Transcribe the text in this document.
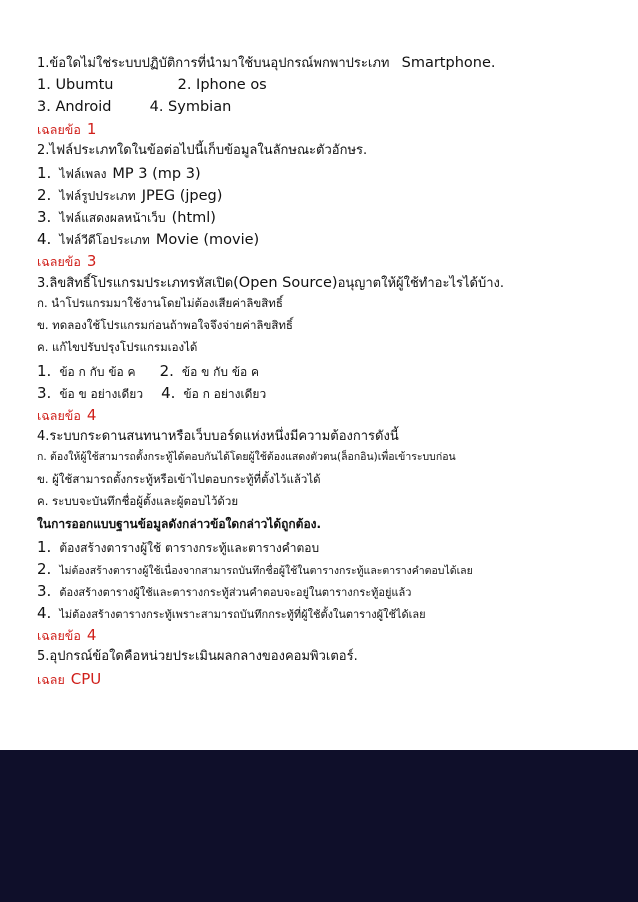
1.ข้อใดไม่ใช่ระบบปฏิบัติการที่นำมาใช้บนอุปกรณ์พกพาประเภท Smartphone.
1. Ubumtu	2. Iphone os
3. Android	4. Symbian
เฉลยข้อ 1
2.ไฟล์ประเภทใดในข้อต่อไปนี้เก็บข้อมูลในลักษณะตัวอักษร.
1. ไฟล์เพลง MP 3 (mp 3)
2. ไฟล์รูปประเภท JPEG (jpeg)
3. ไฟล์แสดงผลหน้าเว็บ (html)
4. ไฟล์วีดีโอประเภท Movie (movie)
เฉลยข้อ 3
3.ลิขสิทธิ์โปรแกรมประเภทรหัสเปิด(Open Source)อนุญาตให้ผู้ใช้ทำอะไรได้บ้าง.
ก. นำโปรแกรมมาใช้งานโดยไม่ต้องเสียค่าลิขสิทธิ์
ข. ทดลองใช้โปรแกรมก่อนถ้าพอใจจึงจ่ายค่าลิขสิทธิ์
ค. แก้ไขปรับปรุงโปรแกรมเองได้
1. ข้อ ก กับ ข้อ ค 2. ข้อ ข กับ ข้อ ค
3. ข้อ ข อย่างเดียว 4. ข้อ ก อย่างเดียว
เฉลยข้อ 4
4.ระบบกระดานสนทนาหรือเว็บบอร์ดแห่งหนึ่งมีความต้องการดังนี้
ก. ต้องให้ผู้ใช้สามารถตั้งกระทู้ได้ตอบกันได้โดยผู้ใช้ต้องแสดงตัวตน(ล็อกอิน)เพื่อเข้าระบบก่อน
ข. ผู้ใช้สามารถตั้งกระทู้หรือเข้าไปตอบกระทู้ที่ตั้งไว้แล้วได้
ค. ระบบจะบันทึกชื่อผู้ตั้งและผู้ตอบไว้ด้วย
ในการออกแบบฐานข้อมูลดังกล่าวข้อใดกล่าวได้ถูกต้อง.
1. ต้องสร้างตารางผู้ใช้ ตารางกระทู้และตารางคำตอบ
2. ไม่ต้องสร้างตารางผู้ใช้เนื่องจากสามารถบันทึกชื่อผู้ใช้ในตารางกระทู้และตารางคำตอบได้เลย
3. ต้องสร้างตารางผู้ใช้และตารางกระทู้ส่วนคำตอบจะอยู่ในตารางกระทู้อยู่แล้ว
4. ไม่ต้องสร้างตารางกระทู้เพราะสามารถบันทึกกระทู้ที่ผู้ใช้ตั้งในตารางผู้ใช้ได้เลย
เฉลยข้อ 4
5.อุปกรณ์ข้อใดคือหน่วยประเมินผลกลางของคอมพิวเตอร์.
เฉลย CPU
